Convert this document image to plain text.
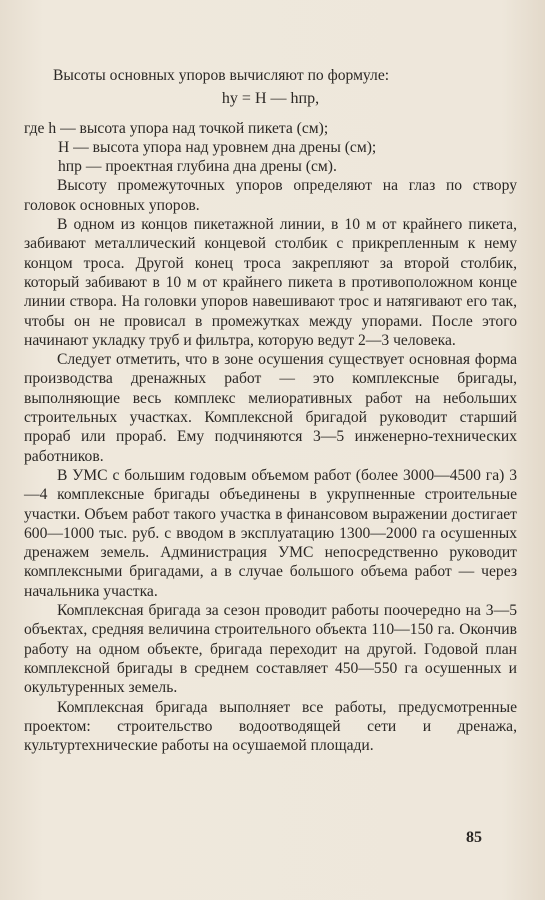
Высоты основных упоров вычисляют по формуле:

hу = H — hпр,

где h — высота упора над точкой пикета (см);

H — высота упора над уровнем дна дрены (см);

hпр — проектная глубина дна дрены (см).

Высоту промежуточных упоров определяют на глаз по створу головок основных упоров.

В одном из концов пикетажной линии, в 10 м от крайнего пикета, забивают металлический концевой столбик с прикрепленным к нему концом троса. Другой конец троса закрепляют за второй столбик, который забивают в 10 м от крайнего пикета в противоположном конце линии створа. На головки упоров навешивают трос и натягивают его так, чтобы он не провисал в промежутках между упорами. После этого начинают укладку труб и фильтра, которую ведут 2—3 человека.

Следует отметить, что в зоне осушения существует основная форма производства дренажных работ — это комплексные бригады, выполняющие весь комплекс мелиоративных работ на небольших строительных участках. Комплексной бригадой руководит старший прораб или прораб. Ему подчиняются 3—5 инженерно-технических работников.

В УМС с большим годовым объемом работ (более 3000—4500 га) 3—4 комплексные бригады объединены в укрупненные строительные участки. Объем работ такого участка в финансовом выражении достигает 600—1000 тыс. руб. с вводом в эксплуатацию 1300—2000 га осушенных дренажем земель. Администрация УМС непосредственно руководит комплексными бригадами, а в случае большого объема работ — через начальника участка.

Комплексная бригада за сезон проводит работы поочередно на 3—5 объектах, средняя величина строительного объекта 110—150 га. Окончив работу на одном объекте, бригада переходит на другой. Годовой план комплексной бригады в среднем составляет 450—550 га осушенных и окультуренных земель.

Комплексная бригада выполняет все работы, предусмотренные проектом: строительство водоотводящей сети и дренажа, культуртехнические работы на осушаемой площади.

85
